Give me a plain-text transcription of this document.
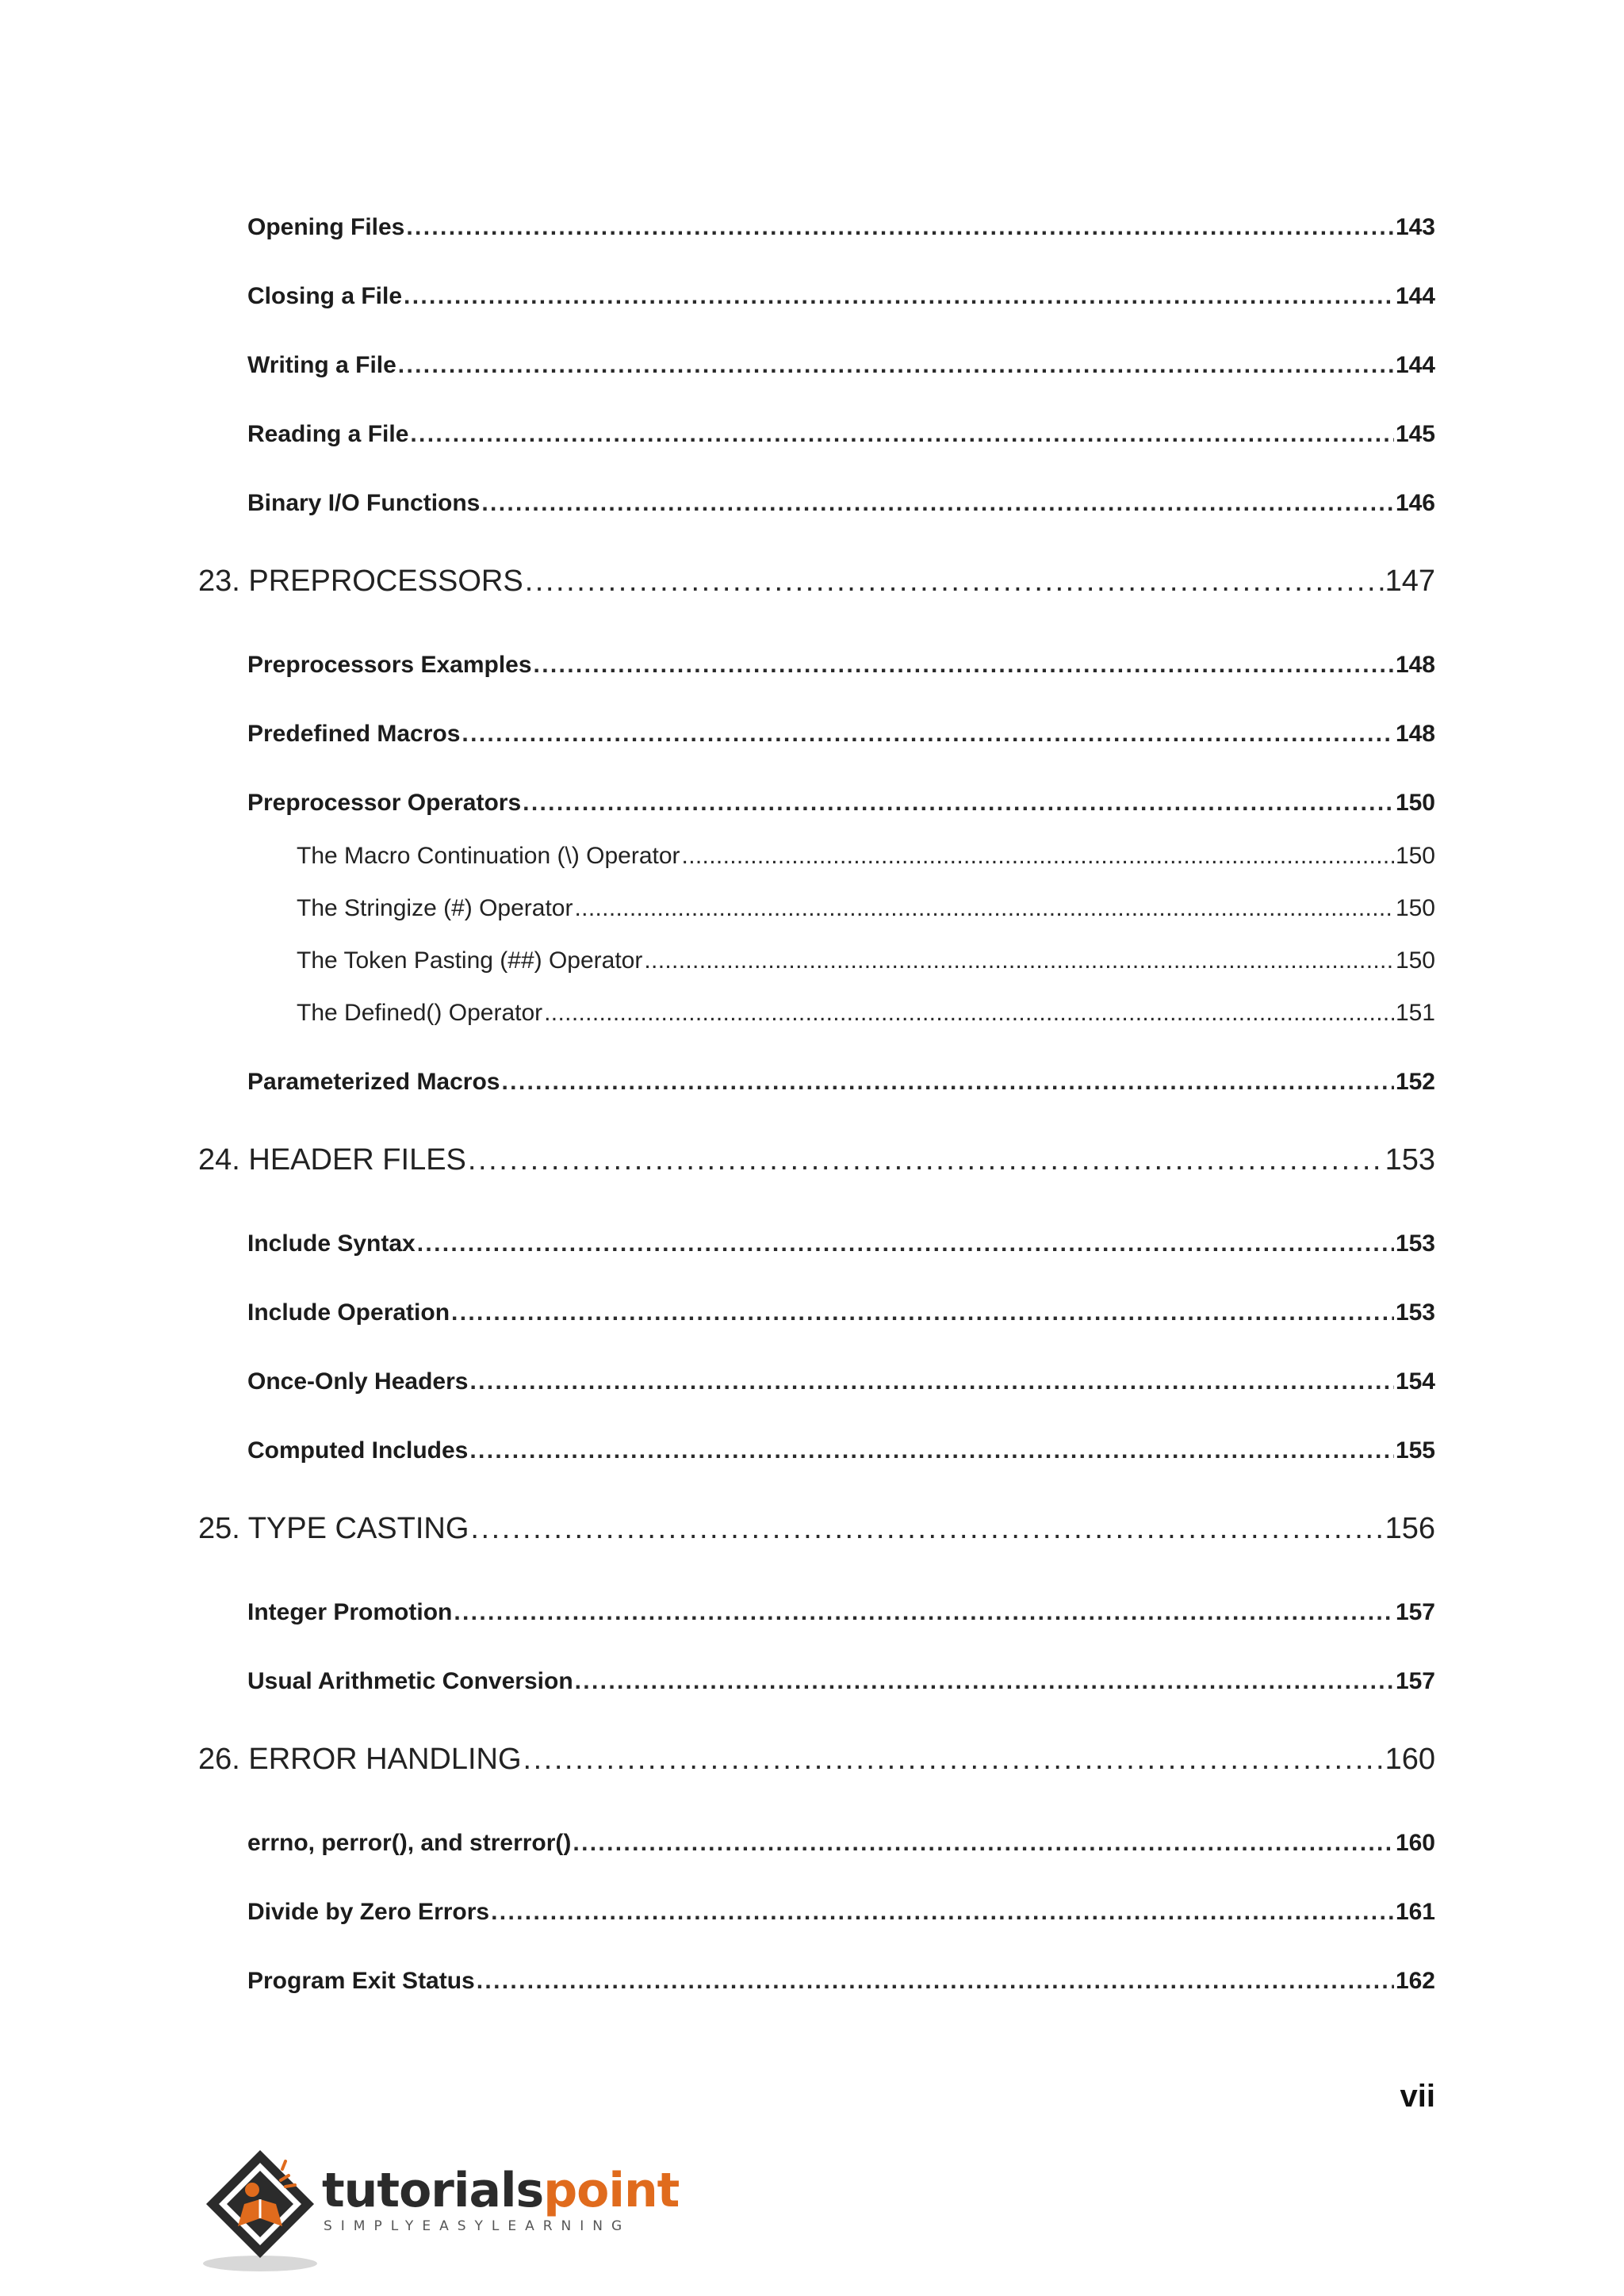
Opening Files . . .	143
Closing a File . . .	144
Writing a File . . .	144
Reading a File . . .	145
Binary I/O Functions . . .	146
23. PREPROCESSORS . . .	147
Preprocessors Examples . . .	148
Predefined Macros . . .	148
Preprocessor Operators . . .	150
The Macro Continuation (\) Operator . . .	150
The Stringize (#) Operator . . .	150
The Token Pasting (##) Operator . . .	150
The Defined() Operator . . .	151
Parameterized Macros . . .	152
24. HEADER FILES . . .	153
Include Syntax . . .	153
Include Operation . . .	153
Once-Only Headers . . .	154
Computed Includes . . .	155
25. TYPE CASTING . . .	156
Integer Promotion . . .	157
Usual Arithmetic Conversion . . .	157
26. ERROR HANDLING . . .	160
errno, perror(), and strerror() . . .	160
Divide by Zero Errors . . .	161
Program Exit Status . . .	162
vii
tutorialspoint
SIMPLYEASYLEARNING
